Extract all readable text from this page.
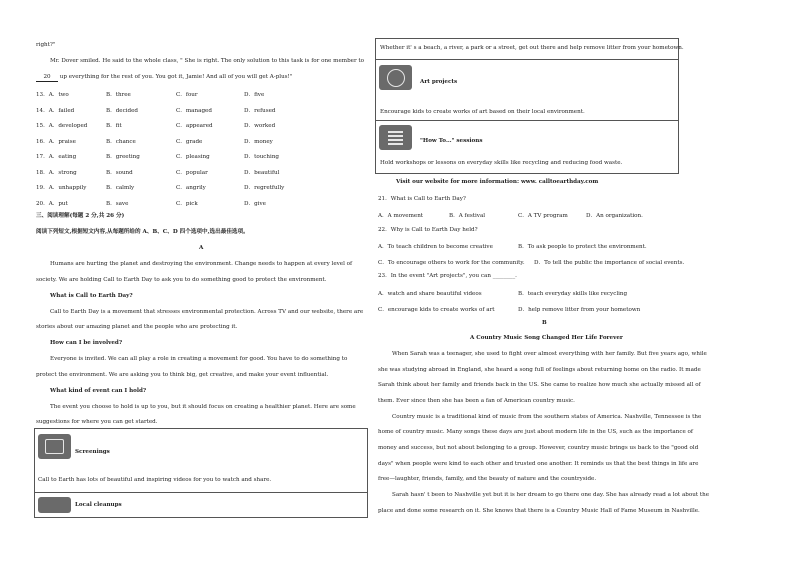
right?"
Mr. Dover smiled. He said to the whole class, " She is right. The only solution to this task is for one member to
20 up everything for the rest of you. You got it, Jamie! And all of you will get A-plus!"
13．A．two	B．three	C．four	D．five
14．A．failed	B．decided	C．managed	D．refused
15．A．developed	B．fit	C．appeared	D．worked
16．A．praise	B．chance	C．grade	D．money
17．A．eating	B．greeting	C．pleasing	D．touching
18．A．strong	B．sound	C．popular	D．beautiful
19．A．unhappily	B．calmly	C．angrily	D．regretfully
20．A．put	B．save	C．pick	D．give
三、阅读理解(每题 2 分,共 26 分)
阅读下列短文,根据短文内容,从每题所给的 A、B、C、D 四个选项中,选出最佳选项。
A
Humans are hurting the planet and destroying the environment. Change needs to happen at every level of
society. We are holding Call to Earth Day to ask you to do something good to protect the environment.
What is Call to Earth Day?
Call to Earth Day is a movement that stresses environmental protection. Across TV and our website, there are
stories about our amazing planet and the people who are protecting it.
How can I be involved?
Everyone is invited. We can all play a role in creating a movement for good. You have to do something to
protect the environment. We are asking you to think big, get creative, and make your event influential.
What kind of event can I hold?
The event you choose to hold is up to you, but it should focus on creating a healthier planet. Here are some
suggestions for where you can get started.
Screenings
Call to Earth has lots of beautiful and inspiring videos for you to watch and share.
Local cleanups
Whether it' s a beach, a river, a park or a street, get out there and help remove litter from your hometown.
Art projects
Encourage kids to create works of art based on their local environment.
"How To…" sessions
Hold workshops or lessons on everyday skills like recycling and reducing food waste.
Visit our website for more information: www. calltoearthday.com
21．What is Call to Earth Day?
A．A movement	B．A festival	C．A TV program	D．An organization.
22．Why is Call to Earth Day held?
A．To teach children to become creative	B．To ask people to protect the environment.
C．To encourage others to work for the community. D．To tell the public the importance of social events.
23．In the event "Art projects", you can ________.
A．watch and share beautiful videos	B．teach everyday skills like recycling
C．encourage kids to create works of art	D．help remove litter from your hometown
B
A Country Music Song Changed Her Life Forever
When Sarah was a teenager, she used to fight over almost everything with her family. But five years ago, while
she was studying abroad in England, she heard a song full of feelings about returning home on the radio. It made
Sarah think about her family and friends back in the US. She came to realize how much she actually missed all of
them. Ever since then she has been a fan of American country music.
Country music is a traditional kind of music from the southern states of America. Nashville, Tennessee is the
home of country music. Many songs these days are just about modern life in the US, such as the importance of
money and success, but not about belonging to a group. However, country music brings us back to the "good old
days" when people were kind to each other and trusted one another. It reminds us that the best things in life are
free—laughter, friends, family, and the beauty of nature and the countryside.
Sarah hasn' t been to Nashville yet but it is her dream to go there one day. She has already read a lot about the
place and done some research on it. She knows that there is a Country Music Hall of Fame Museum in Nashville.
